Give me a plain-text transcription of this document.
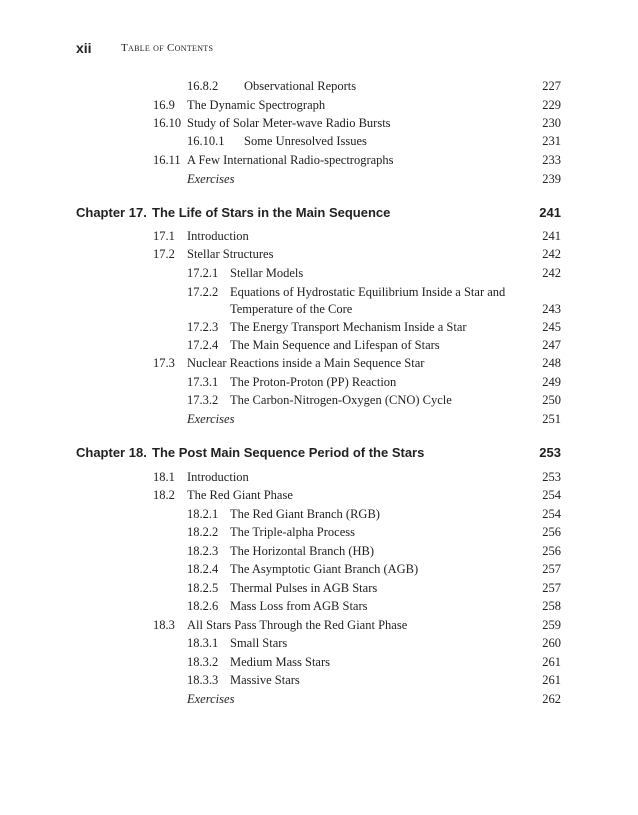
xii	Table of Contents
16.8.2 Observational Reports	227
16.9 The Dynamic Spectrograph	229
16.10 Study of Solar Meter-wave Radio Bursts	230
16.10.1 Some Unresolved Issues	231
16.11 A Few International Radio-spectrographs	233
Exercises	239
Chapter 17. The Life of Stars in the Main Sequence	241
17.1 Introduction	241
17.2 Stellar Structures	242
17.2.1 Stellar Models	242
17.2.2 Equations of Hydrostatic Equilibrium Inside a Star and
Temperature of the Core	243
17.2.3 The Energy Transport Mechanism Inside a Star	245
17.2.4 The Main Sequence and Lifespan of Stars	247
17.3 Nuclear Reactions inside a Main Sequence Star	248
17.3.1 The Proton-Proton (PP) Reaction	249
17.3.2 The Carbon-Nitrogen-Oxygen (CNO) Cycle	250
Exercises	251
Chapter 18. The Post Main Sequence Period of the Stars	253
18.1 Introduction	253
18.2 The Red Giant Phase	254
18.2.1 The Red Giant Branch (RGB)	254
18.2.2 The Triple-alpha Process	256
18.2.3 The Horizontal Branch (HB)	256
18.2.4 The Asymptotic Giant Branch (AGB)	257
18.2.5 Thermal Pulses in AGB Stars	257
18.2.6 Mass Loss from AGB Stars	258
18.3 All Stars Pass Through the Red Giant Phase	259
18.3.1 Small Stars	260
18.3.2 Medium Mass Stars	261
18.3.3 Massive Stars	261
Exercises	262
